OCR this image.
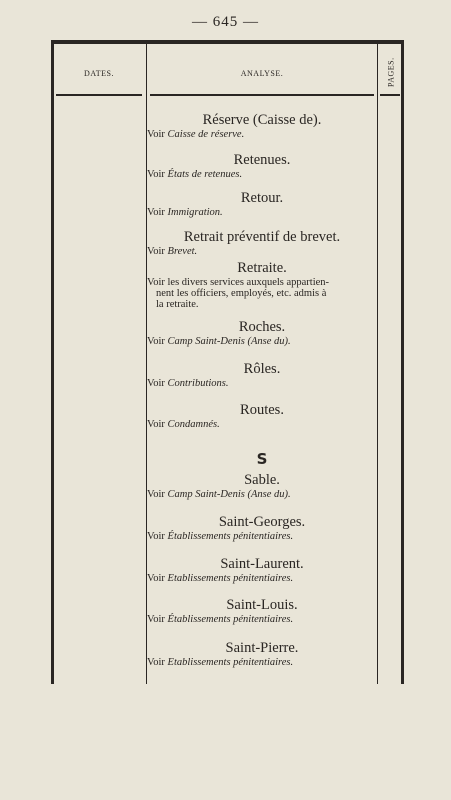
— 645 —
DATES.	ANALYSE.	PAGES.
Réserve (Caisse de).
Voir Caisse de réserve.
Retenues.
Voir États de retenues.
Retour.
Voir Immigration.
Retrait préventif de brevet.
Voir Brevet.
Retraite.
Voir les divers services auxquels appartien-
nent les officiers, employés, etc. admis à
la retraite.
Roches.
Voir Camp Saint-Denis (Anse du).
Rôles.
Voir Contributions.
Routes.
Voir Condamnés.
S
Sable.
Voir Camp Saint-Denis (Anse du).
Saint-Georges.
Voir Établissements pénitentiaires.
Saint-Laurent.
Voir Etablissements pénitentiaires.
Saint-Louis.
Voir Établissements pénitentiaires.
Saint-Pierre.
Voir Etablissements pénitentiaires.
